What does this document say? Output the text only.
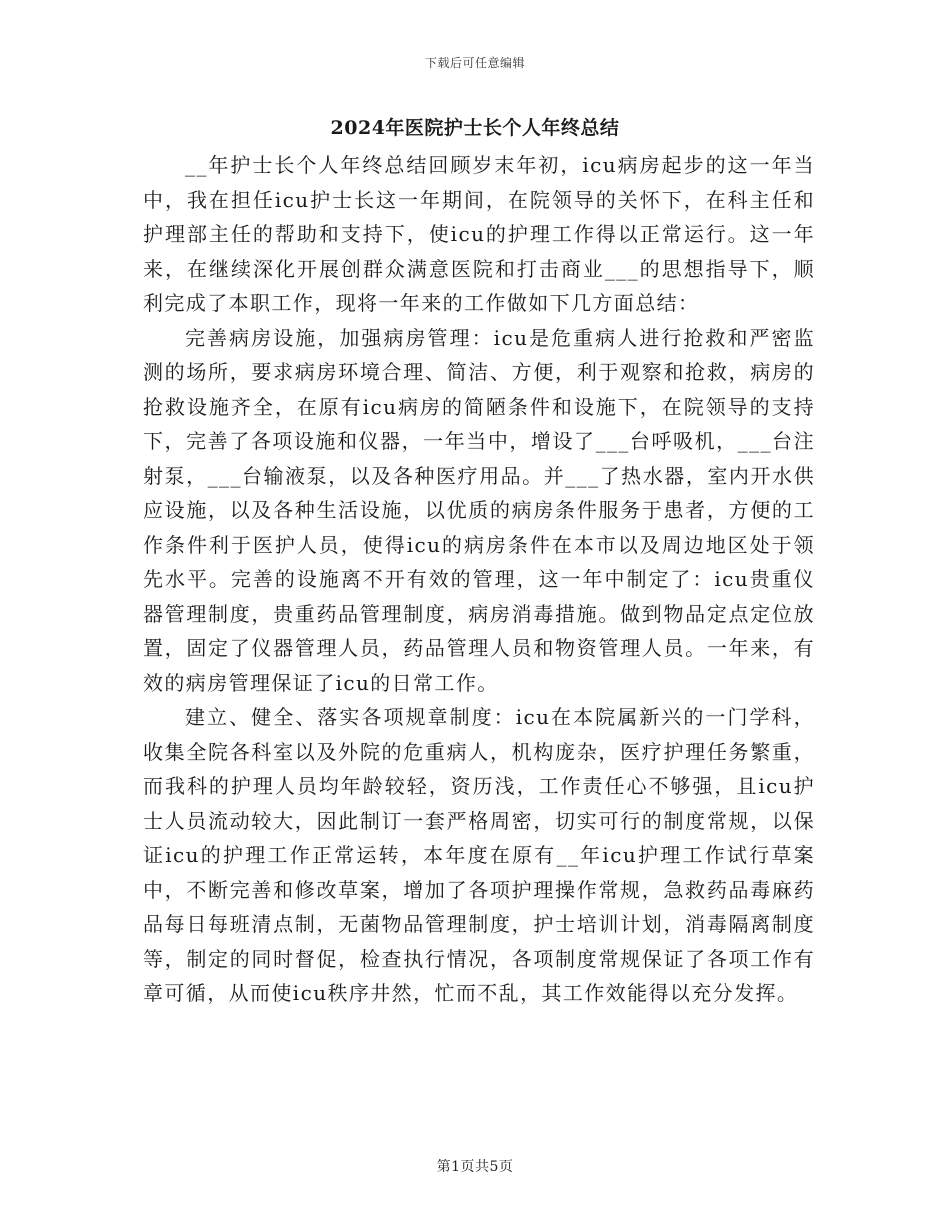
下载后可任意编辑
2024年医院护士长个人年终总结

__年护士长个人年终总结回顾岁末年初，icu病房起步的这一年当中，我在担任icu护士长这一年期间，在院领导的关怀下，在科主任和护理部主任的帮助和支持下，使icu的护理工作得以正常运行。这一年来，在继续深化开展创群众满意医院和打击商业___的思想指导下，顺利完成了本职工作，现将一年来的工作做如下几方面总结：

完善病房设施，加强病房管理：icu是危重病人进行抢救和严密监测的场所，要求病房环境合理、简洁、方便，利于观察和抢救，病房的抢救设施齐全，在原有icu病房的简陋条件和设施下，在院领导的支持下，完善了各项设施和仪器，一年当中，增设了___台呼吸机，___台注射泵，___台输液泵，以及各种医疗用品。并___了热水器，室内开水供应设施，以及各种生活设施，以优质的病房条件服务于患者，方便的工作条件利于医护人员，使得icu的病房条件在本市以及周边地区处于领先水平。完善的设施离不开有效的管理，这一年中制定了：icu贵重仪器管理制度，贵重药品管理制度，病房消毒措施。做到物品定点定位放置，固定了仪器管理人员，药品管理人员和物资管理人员。一年来，有效的病房管理保证了icu的日常工作。

建立、健全、落实各项规章制度：icu在本院属新兴的一门学科，收集全院各科室以及外院的危重病人，机构庞杂，医疗护理任务繁重，而我科的护理人员均年龄较轻，资历浅，工作责任心不够强，且icu护士人员流动较大，因此制订一套严格周密，切实可行的制度常规，以保证icu的护理工作正常运转，本年度在原有__年icu护理工作试行草案中，不断完善和修改草案，增加了各项护理操作常规，急救药品毒麻药品每日每班清点制，无菌物品管理制度，护士培训计划，消毒隔离制度等，制定的同时督促，检查执行情况，各项制度常规保证了各项工作有章可循，从而使icu秩序井然，忙而不乱，其工作效能得以充分发挥。

第1页共5页
